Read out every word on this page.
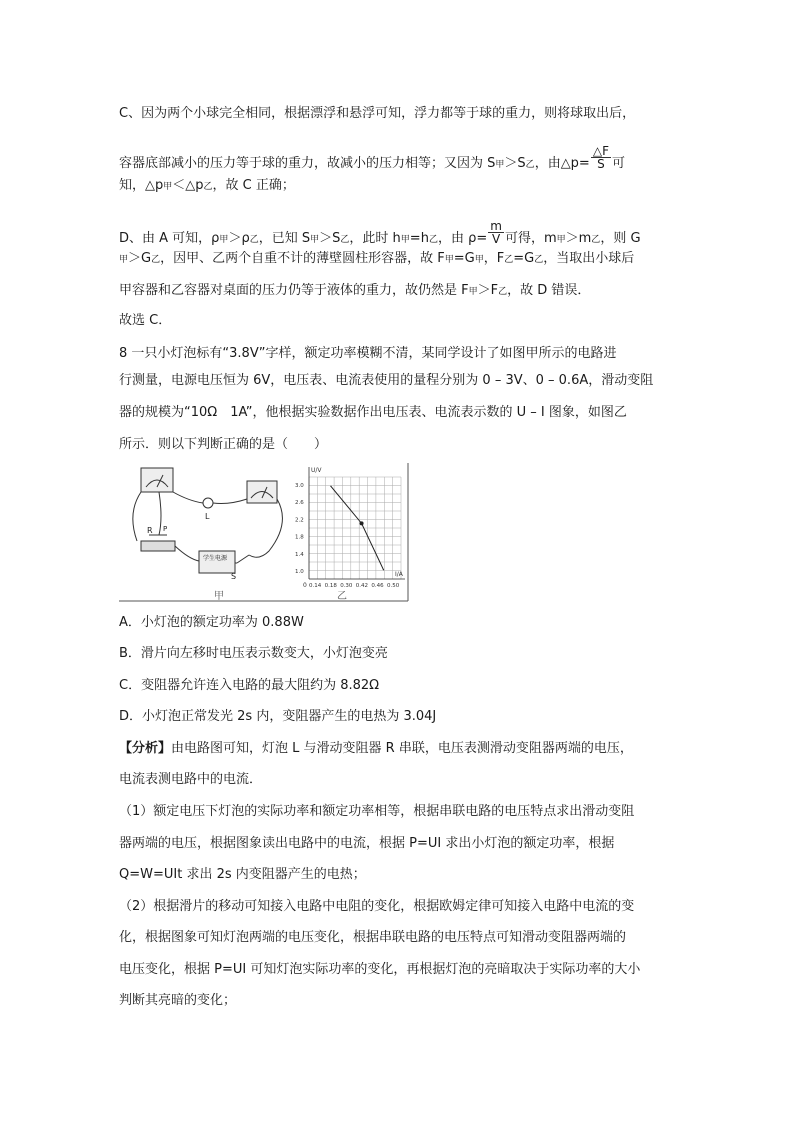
C、因为两个小球完全相同，根据漂浮和悬浮可知，浮力都等于球的重力，则将球取出后，
容器底部减小的压力等于球的重力，故减小的压力相等；又因为 S甲＞S乙，由△p= $\frac{\triangle F}{S}$ 可
知，△p甲＜△p乙，故 C 正确；
D、由 A 可知，ρ甲＞ρ乙，已知 S甲＞S乙，此时 h甲=h乙，由 $\rho= \frac{m}{V}$ 可得，m甲＞m乙，则 G
甲＞G乙，因甲、乙两个自重不计的薄壁圆柱形容器，故 F甲=G甲，F乙=G乙，当取出小球后
甲容器和乙容器对桌面的压力仍等于液体的重力，故仍然是 F甲＞F乙，故 D 错误．
故选 C．
8 一只小灯泡标有“3.8V”字样，额定功率模糊不清，某同学设计了如图甲所示的电路进
行测量，电源电压恒为 6V，电压表、电流表使用的量程分别为 0 – 3V、0 – 0.6A，滑动变阻
器的规模为“10Ω　1A”，他根据实验数据作出电压表、电流表示数的 U – I 图象，如图乙
所示．则以下判断正确的是（　　）
L
R
S
学生电源
P
甲	乙
U/V
I/A
0
3.0
2.6
2.2
1.8
1.4
1.0
0.14 0.18 0.30 0.42 0.46 0.50
A．小灯泡的额定功率为 0.88W
B．滑片向左移时电压表示数变大，小灯泡变亮
C．变阻器允许连入电路的最大阻约为 8.82Ω
D．小灯泡正常发光 2s 内，变阻器产生的电热为 3.04J
【分析】由电路图可知，灯泡 L 与滑动变阻器 R 串联，电压表测滑动变阻器两端的电压，
电流表测电路中的电流．
（1）额定电压下灯泡的实际功率和额定功率相等，根据串联电路的电压特点求出滑动变阻
器两端的电压，根据图象读出电路中的电流，根据 P=UI 求出小灯泡的额定功率，根据
Q=W=UIt 求出 2s 内变阻器产生的电热；
（2）根据滑片的移动可知接入电路中电阻的变化，根据欧姆定律可知接入电路中电流的变
化，根据图象可知灯泡两端的电压变化，根据串联电路的电压特点可知滑动变阻器两端的
电压变化，根据 P=UI 可知灯泡实际功率的变化，再根据灯泡的亮暗取决于实际功率的大小
判断其亮暗的变化；
